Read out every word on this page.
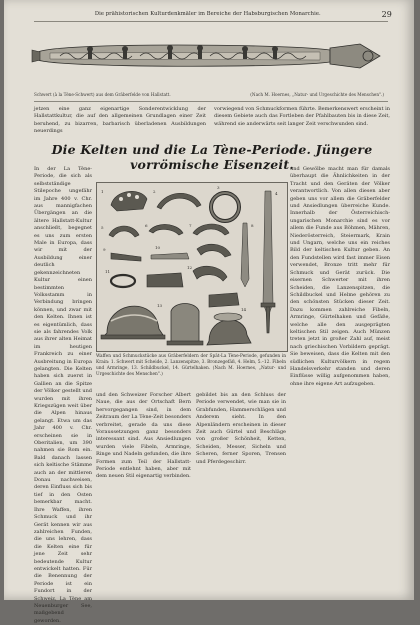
Die prähistorischen Kulturdenkmäler im Bereiche der Habsburgischen Monarchie.	29
Schwert (à la Tène-Schwert) aus dem Gräberfelde von Hallstatt.	(Nach M. Hoernes, „Natur- und Urgeschichte des Menschen".)

jetzen eine ganz eigenartige Sonderentwicklung der Hallstattkultur, die auf den allgemeinen Grundlagen einer Zeit beruhend, zu bizarren, barbarisch überladenen Ausbildungen neuerdings

vorwiegend von Schmuckformen führte. Bemerkenswert erscheint in diesem Gebiete auch das Fortleben der Pfahlbauten bis in diese Zeit, während sie anderwärts seit langer Zeit verschwunden sind.

Die Kelten und die La Tène-Periode. Jüngere vorrömische Eisenzeit.

In der La Tène-Periode, die sich als selbstständige Stilepoche ungefähr im Jahre 400 v. Chr. aus mannigfachen Übergängen an die ältere Hallstatt-Kultur anschließt, begegnet es uns zum ersten Male in Europa, dass wir mit der Ausbildung einer deutlich gekennzeichneten Kultur einen bestimmten Volksstamm in Verbindung bringen können, und zwar mit den Kelten. Ihnen ist es eigentümlich, dass sie als fahrendes Volk aus ihrer alten Heimat im heutigen Frankreich zu einer Ausbreitung in Europa gelangten. Die Kelten haben sich zuerst in Gallien an die Spitze der Völker gestellt und wurden mit ihren Kriegszügen weit über die Alpen hinaus gelangt. Etwa um das Jahr 400 v. Chr. erscheinen sie in Oberitalien, um 390 nahmen sie Rom ein. Bald danach lassen sich keltische Stämme auch an der mittleren Donau nachweisen, deren Einfluss sich bis tief in den Osten bemerkbar macht. Ihre Waffen, ihren Schmuck und ihr Gerät kennen wir aus zahlreichen Funden, die uns lehren, dass die Kelten eine für jene Zeit sehr bedeutende Kultur entwickelt hatten. Für die Benennung der Periode ist ein Fundort in der Schweiz, La Tène am Neuenburger See, maßgebend geworden.

und Gewölbe macht man für damals überhaupt die Ähnlichkeiten in der Tracht und den Geräten der Völker verantwortlich. Von allen diesen aber geben uns vor allem die Gräberfelder und Ansiedlungen überreiche Kunde. Innerhalb der Österreichisch-ungarischen Monarchie sind es vor allem die Funde aus Böhmen, Mähren, Niederösterreich, Steiermark, Krain und Ungarn, welche uns ein reiches Bild der keltischen Kultur geben. An den Fundstellen wird fast immer Eisen verwendet, Bronze tritt mehr für Schmuck und Gerät zurück. Die eisernen Schwerter mit ihren Scheiden, die Lanzenspitzen, die Schildbuckel und Helme gehören zu den schönsten Stücken dieser Zeit. Dazu kommen zahlreiche Fibeln, Armringe, Gürtelhaken und Gefäße, welche alle den ausgeprägten keltischen Stil zeigen. Auch Münzen treten jetzt in großer Zahl auf, meist nach griechischen Vorbildern geprägt. Sie beweisen, dass die Kelten mit den südlichen Kulturvölkern in regem Handelsverkehr standen und deren Einflüsse willig aufgenommen haben, ohne ihre eigene Art aufzugeben.

1	2
3
4
5	6	7	8
9	10
11
12
13
14
Waffen und Schmuckstücke aus Gräberfeldern der Spät-La Tène-Periode, gefunden in Krain: 1. Schwert mit Scheide, 2. Lanzenspitze, 3. Bronzegefäß, 4. Helm, 5.–12. Fibeln und Armringe, 13. Schildbuckel, 14. Gürtelhaken. (Nach M. Hoernes, „Natur- und Urgeschichte des Menschen".)

und den Schweizer Forscher Albert Naue, die aus der Ortschaft Bern hervorgegangen sind, in dem Zeitraum der La Tène-Zeit besonders verbreitet, gerade da uns diese Voraussetzungen ganz besonders interessant sind. Aus Ansiedlungen wurden viele Fibeln, Armringe, Ringe und Nadeln gefunden, die ihre Formen zum Teil der Hallstatt-Periode entlehnt haben, aber mit dem neuen Stil eigenartig verbinden.

gebildet bis an den Schluss der Periode verwendet, wie man sie in Grabfunden, Hammerschlägen und Anderem sieht. In den Alpenländern erscheinen in dieser Zeit auch Gürtel und Beschläge von großer Schönheit, Ketten, Scheiden, Messer, Sicheln und Scheren, ferner Sporen, Trensen und Pferdegeschirr.
